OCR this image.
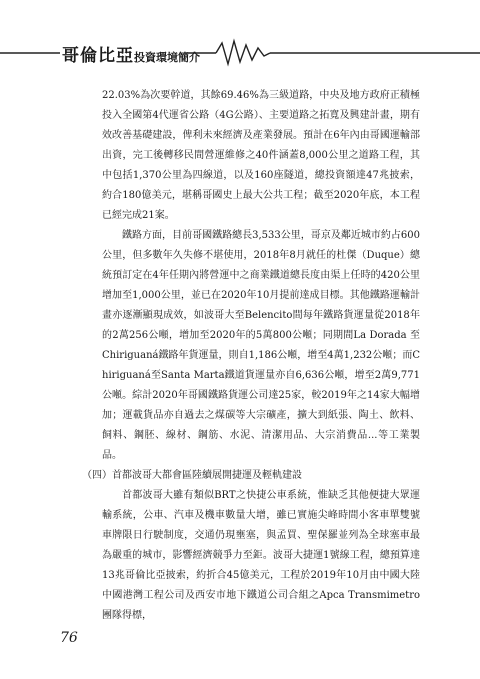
哥倫比亞投資環境簡介

22.03%為次要幹道，其餘69.46%為三級道路，中央及地方政府正積極投入全國第4代運省公路（4G公路）、主要道路之拓寬及興建計畫，期有效改善基礎建設，俾利未來經濟及產業發展。預計在6年內由哥國運輸部出資，完工後轉移民間營運維修之40件涵蓋8,000公里之道路工程，其中包括1,370公里為四線道，以及160座隧道，總投資額達47兆披索，約合180億美元，堪稱哥國史上最大公共工程；截至2020年底，本工程已經完成21案。

鐵路方面，目前哥國鐵路總長3,533公里，哥京及鄰近城市約占600公里，但多數年久失修不堪使用，2018年8月就任的杜傑（Duque）總統預訂定在4年任期內將營運中之商業鐵道總長度由渠上任時的420公里增加至1,000公里，並已在2020年10月提前達成目標。其他鐵路運輸計畫亦逐漸顯現成效，如波哥大至Belencito間每年鐵路貨運量從2018年的2萬256公噸，增加至2020年的5萬800公噸；同期間La Dorada 至Chiriguaná鐵路年貨運量，則自1,186公噸，增至4萬1,232公噸；而Chiriguaná至Santa Marta鐵道貨運量亦自6,636公噸，增至2萬9,771公噸。綜計2020年哥國鐵路貨運公司達25家，較2019年之14家大幅增加；運載貨品亦自過去之煤碳等大宗礦產，擴大到紙張、陶土、飲料、飼料、鋼胚、線材、鋼筋、水泥、清潔用品、大宗消費品...等工業製品。

（四）首都波哥大都會區陸續展開捷運及輕軌建設

首都波哥大雖有類似BRT之快捷公車系統，惟缺乏其他便捷大眾運輸系統，公車、汽車及機車數量大增，雖已實施尖峰時間小客車單雙號車牌限日行駛制度，交通仍現壅塞，與孟買、聖保羅並列為全球塞車最為嚴重的城市，影響經濟競爭力至鉅。波哥大捷運1號線工程，總預算達13兆哥倫比亞披索，約折合45億美元，工程於2019年10月由中國大陸中國港灣工程公司及西安市地下鐵道公司合組之Apca Transmimetro團隊得標，

76
